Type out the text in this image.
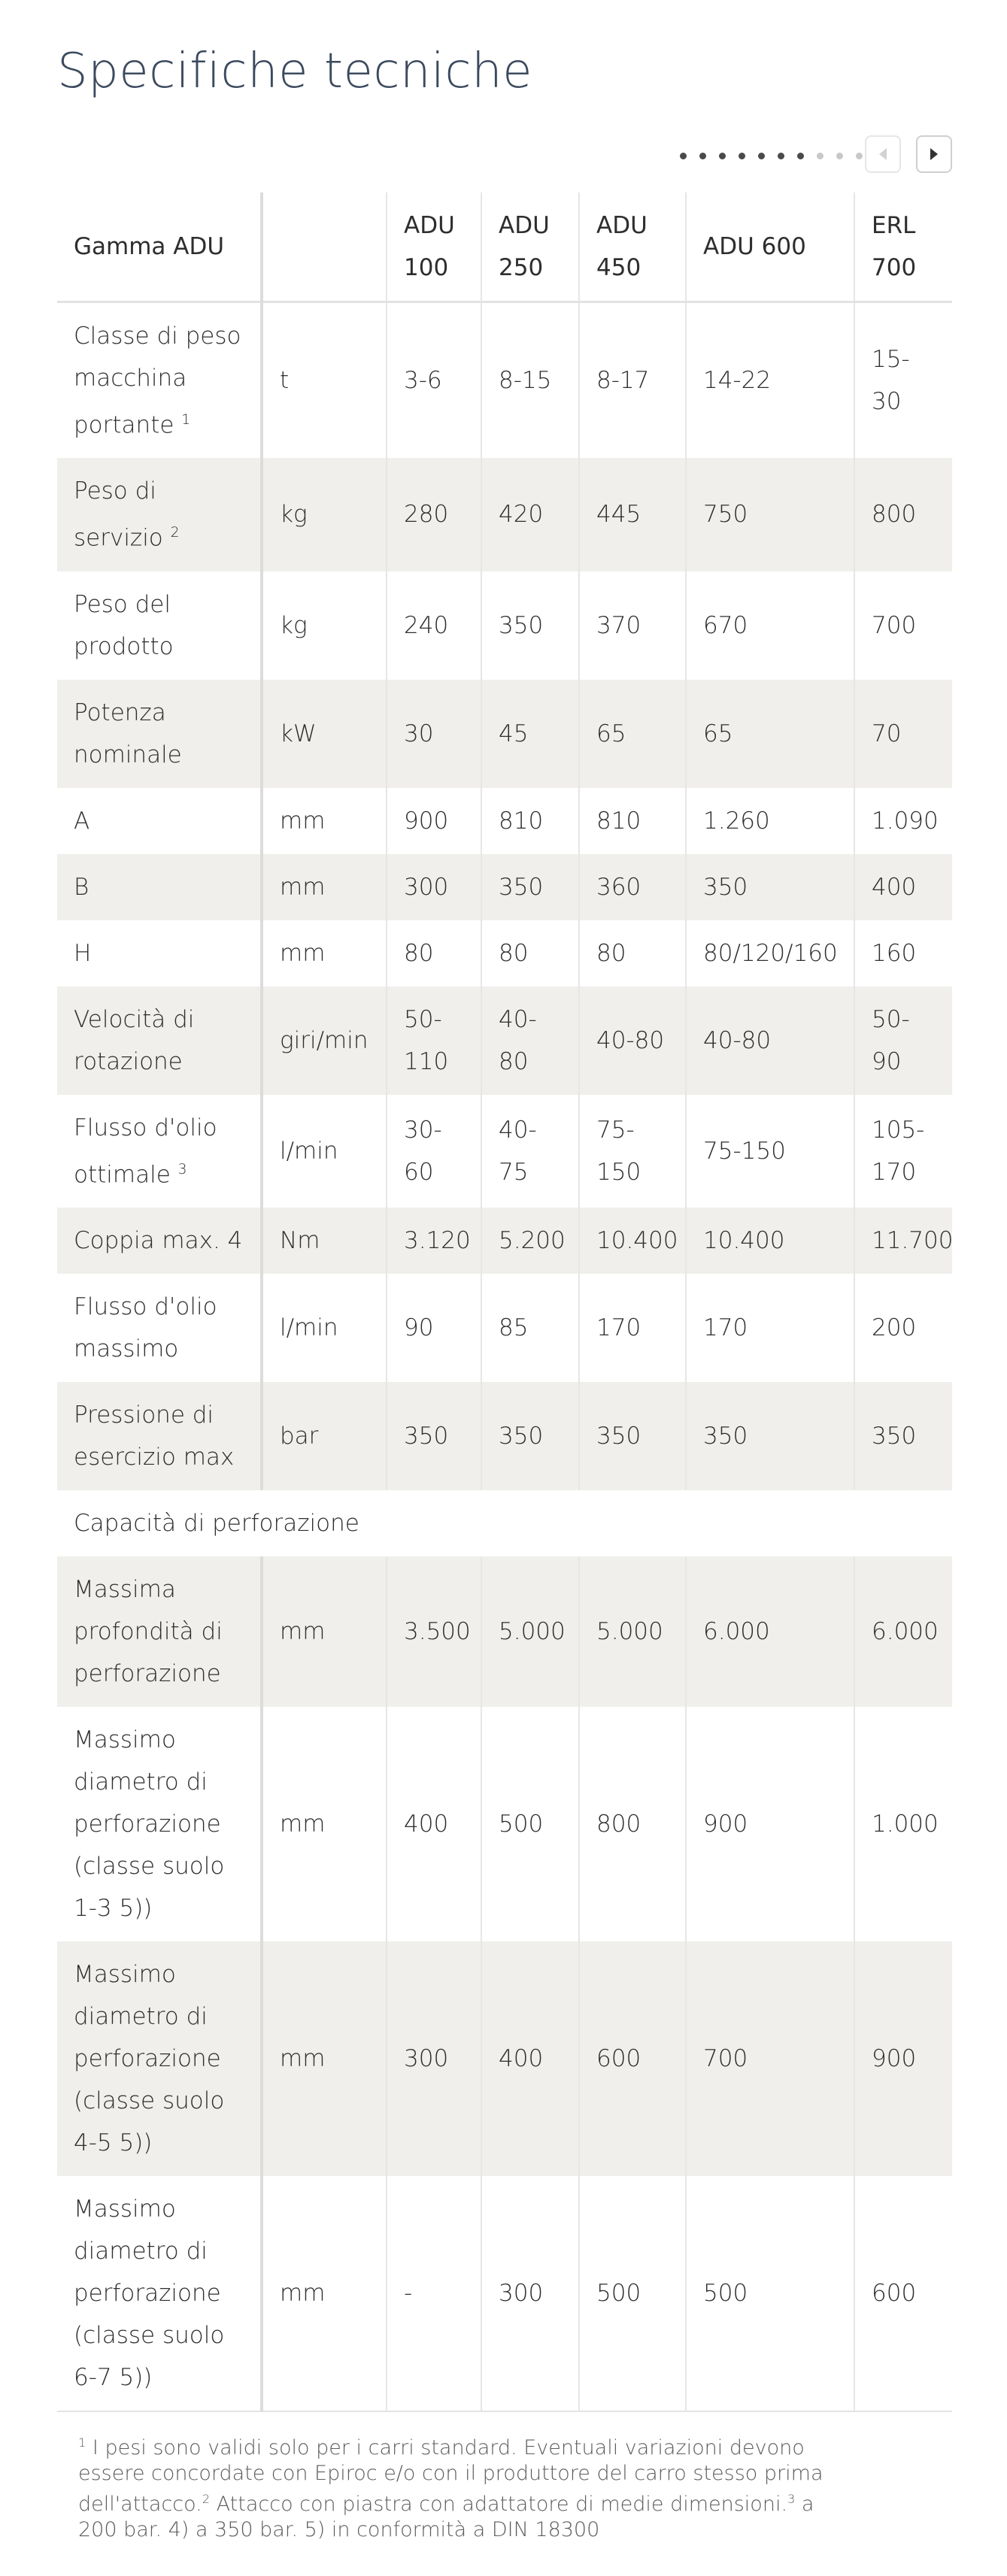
Specifiche tecniche
Gamma ADU		ADU 100	ADU 250	ADU 450	ADU 600	ERL 700
Classe di peso macchina portante $^1$	t	3-6	8-15	8-17	14-22	15-30
Peso di servizio $^2$	kg	280	420	445	750	800
Peso del prodotto	kg	240	350	370	670	700
Potenza nominale	kW	30	45	65	65	70
A	mm	900	810	810	1.260	1.090
B	mm	300	350	360	350	400
H	mm	80	80	80	80/120/160	160
Velocità di rotazione	giri/min	50-110	40-80	40-80	40-80	50-90
Flusso d'olio ottimale $^3$	l/min	30-60	40-75	75-150	75-150	105-170
Coppia max. 4	Nm	3.120	5.200	10.400	10.400	11.700
Flusso d'olio massimo	l/min	90	85	170	170	200
Pressione di esercizio max	bar	350	350	350	350	350
Capacità di perforazione						
Massima profondità di perforazione	mm	3.500	5.000	5.000	6.000	6.000
Massimo diametro di perforazione (classe suolo 1-3 5))	mm	400	500	800	900	1.000
Massimo diametro di perforazione (classe suolo 4-5 5))	mm	300	400	600	700	900
Massimo diametro di perforazione (classe suolo 6-7 5))	mm	-	300	500	500	600
$^1$ I pesi sono validi solo per i carri standard. Eventuali variazioni devono essere concordate con Epiroc e/o con il produttore del carro stesso prima dell'attacco.$^2$ Attacco con piastra con adattatore di medie dimensioni.$^3$ a 200 bar. 4) a 350 bar. 5) in conformità a DIN 18300
